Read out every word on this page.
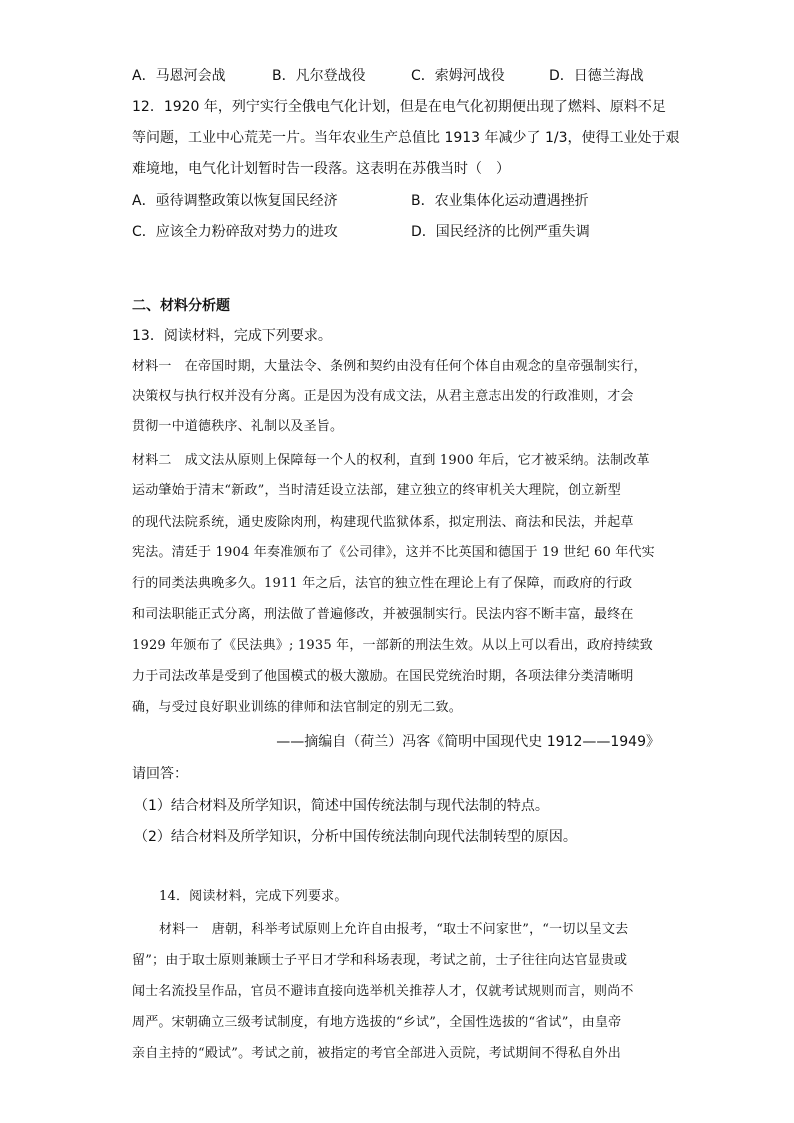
A．马恩河会战	B．凡尔登战役	C．索姆河战役	D．日德兰海战
12．1920 年，列宁实行全俄电气化计划，但是在电气化初期便出现了燃料、原料不足
等问题，工业中心荒芜一片。当年农业生产总值比 1913 年减少了 1/3，使得工业处于艰
难境地，电气化计划暂时告一段落。这表明在苏俄当时（　）
A．亟待调整政策以恢复国民经济	B．农业集体化运动遭遇挫折
C．应该全力粉碎敌对势力的进攻	D．国民经济的比例严重失调
二、材料分析题
13．阅读材料，完成下列要求。
材料一　在帝国时期，大量法令、条例和契约由没有任何个体自由观念的皇帝强制实行，
决策权与执行权并没有分离。正是因为没有成文法，从君主意志出发的行政准则，才会
贯彻一中道德秩序、礼制以及圣旨。
材料二　成文法从原则上保障每一个人的权利，直到 1900 年后，它才被采纳。法制改革
运动肇始于清末“新政”，当时清廷设立法部，建立独立的终审机关大理院，创立新型
的现代法院系统，通史废除肉刑，构建现代监狱体系，拟定刑法、商法和民法，并起草
宪法。清廷于 1904 年奏准颁布了《公司律》，这并不比英国和德国于 19 世纪 60 年代实
行的同类法典晚多久。1911 年之后，法官的独立性在理论上有了保障，而政府的行政
和司法职能正式分离，刑法做了普遍修改，并被强制实行。民法内容不断丰富，最终在
1929 年颁布了《民法典》; 1935 年，一部新的刑法生效。从以上可以看出，政府持续致
力于司法改革是受到了他国模式的极大激励。在国民党统治时期，各项法律分类清晰明
确，与受过良好职业训练的律师和法官制定的别无二致。
——摘编自（荷兰）冯客《简明中国现代史 1912——1949》
请回答：
（1）结合材料及所学知识，简述中国传统法制与现代法制的特点。
（2）结合材料及所学知识，分析中国传统法制向现代法制转型的原因。
14．阅读材料，完成下列要求。
材料一　唐朝，科举考试原则上允许自由报考，“取士不问家世”，“一切以呈文去
留”；由于取士原则兼顾士子平日才学和科场表现，考试之前，士子往往向达官显贵或
闻士名流投呈作品，官员不避讳直接向选举机关推荐人才，仅就考试规则而言，则尚不
周严。宋朝确立三级考试制度，有地方选拔的“乡试”，全国性选拔的“省试”，由皇帝
亲自主持的“殿试”。考试之前，被指定的考官全部进入贡院，考试期间不得私自外出
